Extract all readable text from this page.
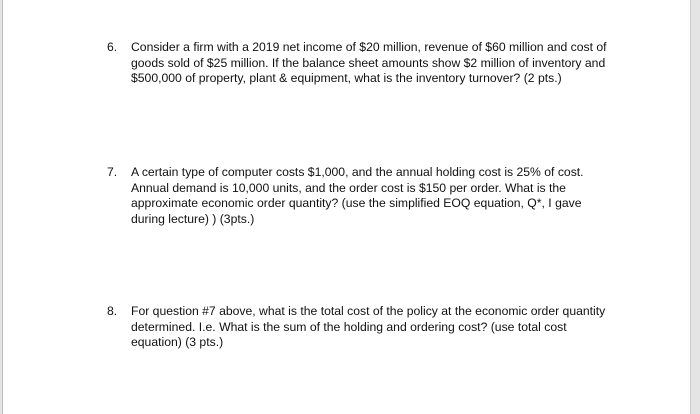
6. Consider a firm with a 2019 net income of $20 million, revenue of $60 million and cost of
goods sold of $25 million. If the balance sheet amounts show $2 million of inventory and
$500,000 of property, plant & equipment, what is the inventory turnover? (2 pts.)
7. A certain type of computer costs $1,000, and the annual holding cost is 25% of cost.
Annual demand is 10,000 units, and the order cost is $150 per order. What is the
approximate economic order quantity? (use the simplified EOQ equation, Q*, I gave
during lecture) ) (3pts.)
8. For question #7 above, what is the total cost of the policy at the economic order quantity
determined. I.e. What is the sum of the holding and ordering cost? (use total cost
equation) (3 pts.)
